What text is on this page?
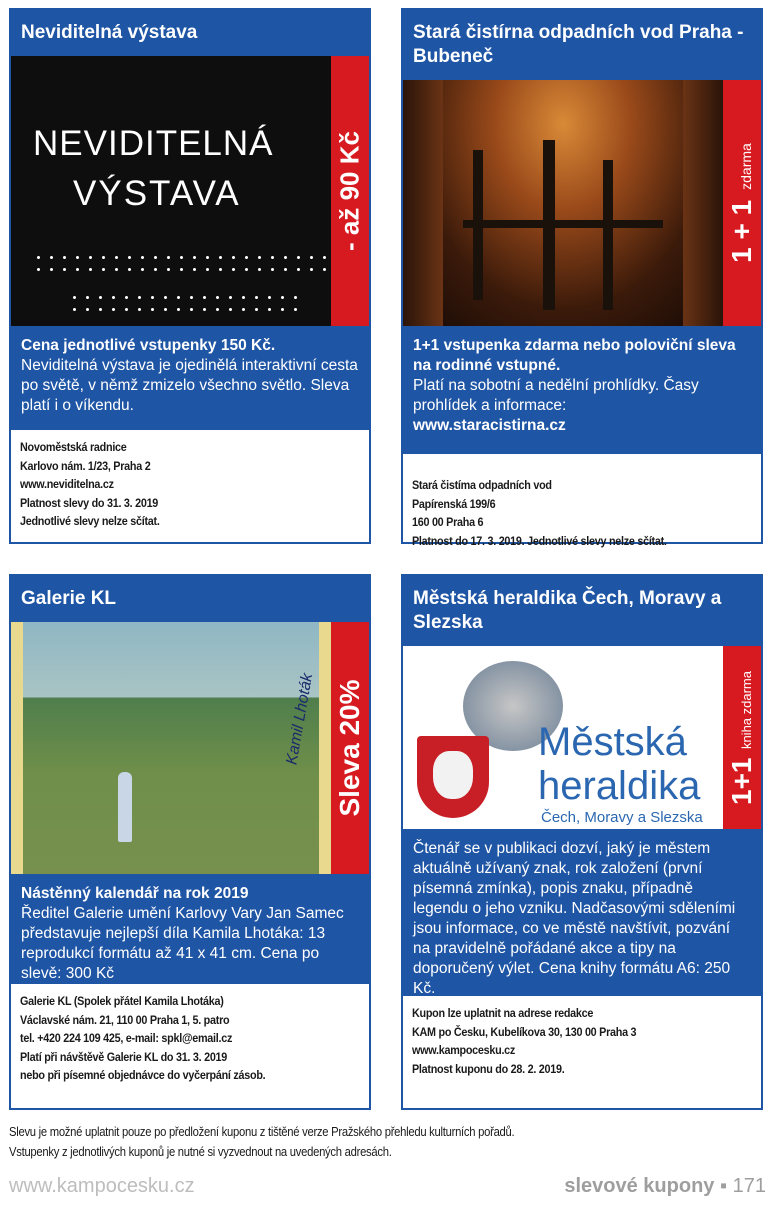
Neviditelná výstava
NEVIDITELNÁ
VÝSTAVA	- až 90 Kč
Cena jednotlivé vstupenky 150 Kč.
Neviditelná výstava je ojedinělá interaktivní cesta po světě, v němž zmizelo všechno světlo. Sleva platí i o víkendu.
Novoměstská radnice
Karlovo nám. 1/23, Praha 2
www.neviditelna.cz
Platnost slevy do 31. 3. 2019
Jednotlivé slevy nelze sčítat.
Stará čistírna odpadních vod Praha - Bubeneč
1 + 1 zdarma
1+1 vstupenka zdarma nebo poloviční sleva na rodinné vstupné.
Platí na sobotní a nedělní prohlídky. Časy prohlídek a informace:
www.staracistirna.cz
Stará čistíma odpadních vod
Papírenská 199/6
160 00 Praha 6
Platnost do 17. 3. 2019. Jednotlivé slevy nelze sčítat.
Galerie KL
Kamil Lhoták Sleva 20%
Nástěnný kalendář na rok 2019
Ředitel Galerie umění Karlovy Vary Jan Samec představuje nejlepší díla Kamila Lhotáka: 13 reprodukcí formátu až 41 x 41 cm. Cena po slevě: 300 Kč
Galerie KL (Spolek přátel Kamila Lhotáka)
Václavské nám. 21, 110 00 Praha 1, 5. patro
tel. +420 224 109 425, e-mail: spkl@email.cz
Platí při návštěvě Galerie KL do 31. 3. 2019
nebo při písemné objednávce do vyčerpání zásob.
Městská heraldika Čech, Moravy a Slezska
Městská
heraldika
Čech, Moravy a Slezska
1+1 kniha zdarma
Čtenář se v publikaci dozví, jaký je městem aktuálně užívaný znak, rok založení (první písemná zmínka), popis znaku, případně legendu o jeho vzniku. Nadčasovými sděleními jsou informace, co ve městě navštívit, pozvání na pravidelně pořádané akce a tipy na doporučený výlet. Cena knihy formátu A6: 250 Kč.
Kupon lze uplatnit na adrese redakce
KAM po Česku, Kubelíkova 30, 130 00 Praha 3
www.kampocesku.cz
Platnost kuponu do 28. 2. 2019.
Slevu je možné uplatnit pouze po předložení kuponu z tištěné verze Pražského přehledu kulturních pořadů.
Vstupenky z jednotlivých kuponů je nutné si vyzvednout na uvedených adresách.
www.kampocesku.cz	slevové kupony ▪ 171
